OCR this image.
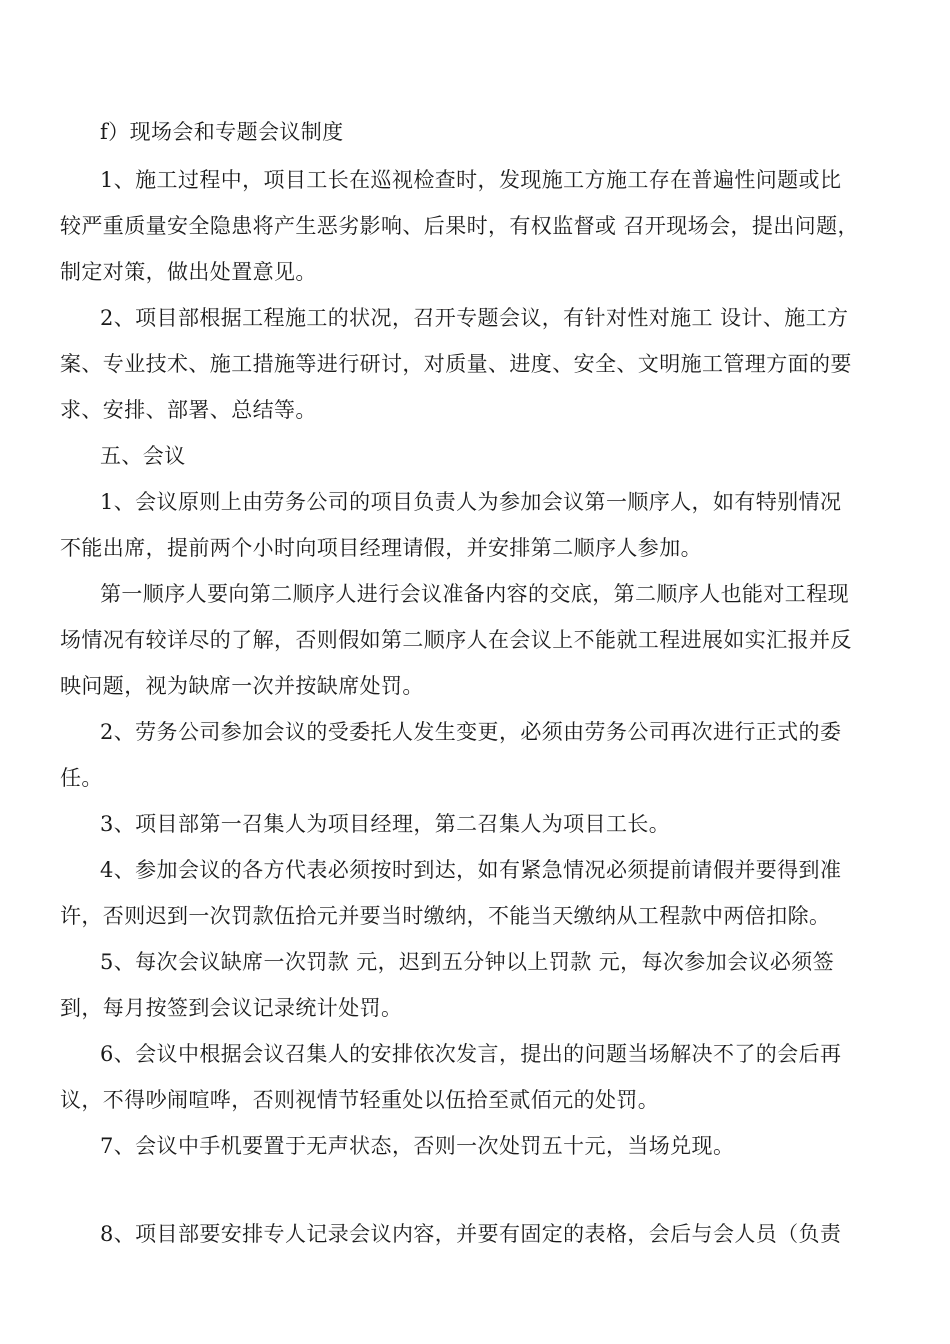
f）现场会和专题会议制度
1、施工过程中，项目工长在巡视检查时，发现施工方施工存在普遍性问题或比
较严重质量安全隐患将产生恶劣影响、后果时，有权监督或 召开现场会，提出问题，
制定对策，做出处置意见。
2、项目部根据工程施工的状况，召开专题会议，有针对性对施工 设计、施工方
案、专业技术、施工措施等进行研讨，对质量、进度、安全、文明施工管理方面的要
求、安排、部署、总结等。
五、会议
1、会议原则上由劳务公司的项目负责人为参加会议第一顺序人，如有特别情况
不能出席，提前两个小时向项目经理请假，并安排第二顺序人参加。
第一顺序人要向第二顺序人进行会议准备内容的交底，第二顺序人也能对工程现
场情况有较详尽的了解，否则假如第二顺序人在会议上不能就工程进展如实汇报并反
映问题，视为缺席一次并按缺席处罚。
2、劳务公司参加会议的受委托人发生变更，必须由劳务公司再次进行正式的委
任。
3、项目部第一召集人为项目经理，第二召集人为项目工长。
4、参加会议的各方代表必须按时到达，如有紧急情况必须提前请假并要得到准
许，否则迟到一次罚款伍拾元并要当时缴纳，不能当天缴纳从工程款中两倍扣除。
5、每次会议缺席一次罚款 元，迟到五分钟以上罚款 元，每次参加会议必须签
到，每月按签到会议记录统计处罚。
6、会议中根据会议召集人的安排依次发言，提出的问题当场解决不了的会后再
议，不得吵闹喧哗，否则视情节轻重处以伍拾至贰佰元的处罚。
7、会议中手机要置于无声状态，否则一次处罚五十元，当场兑现。
8、项目部要安排专人记录会议内容，并要有固定的表格，会后与会人员（负责
